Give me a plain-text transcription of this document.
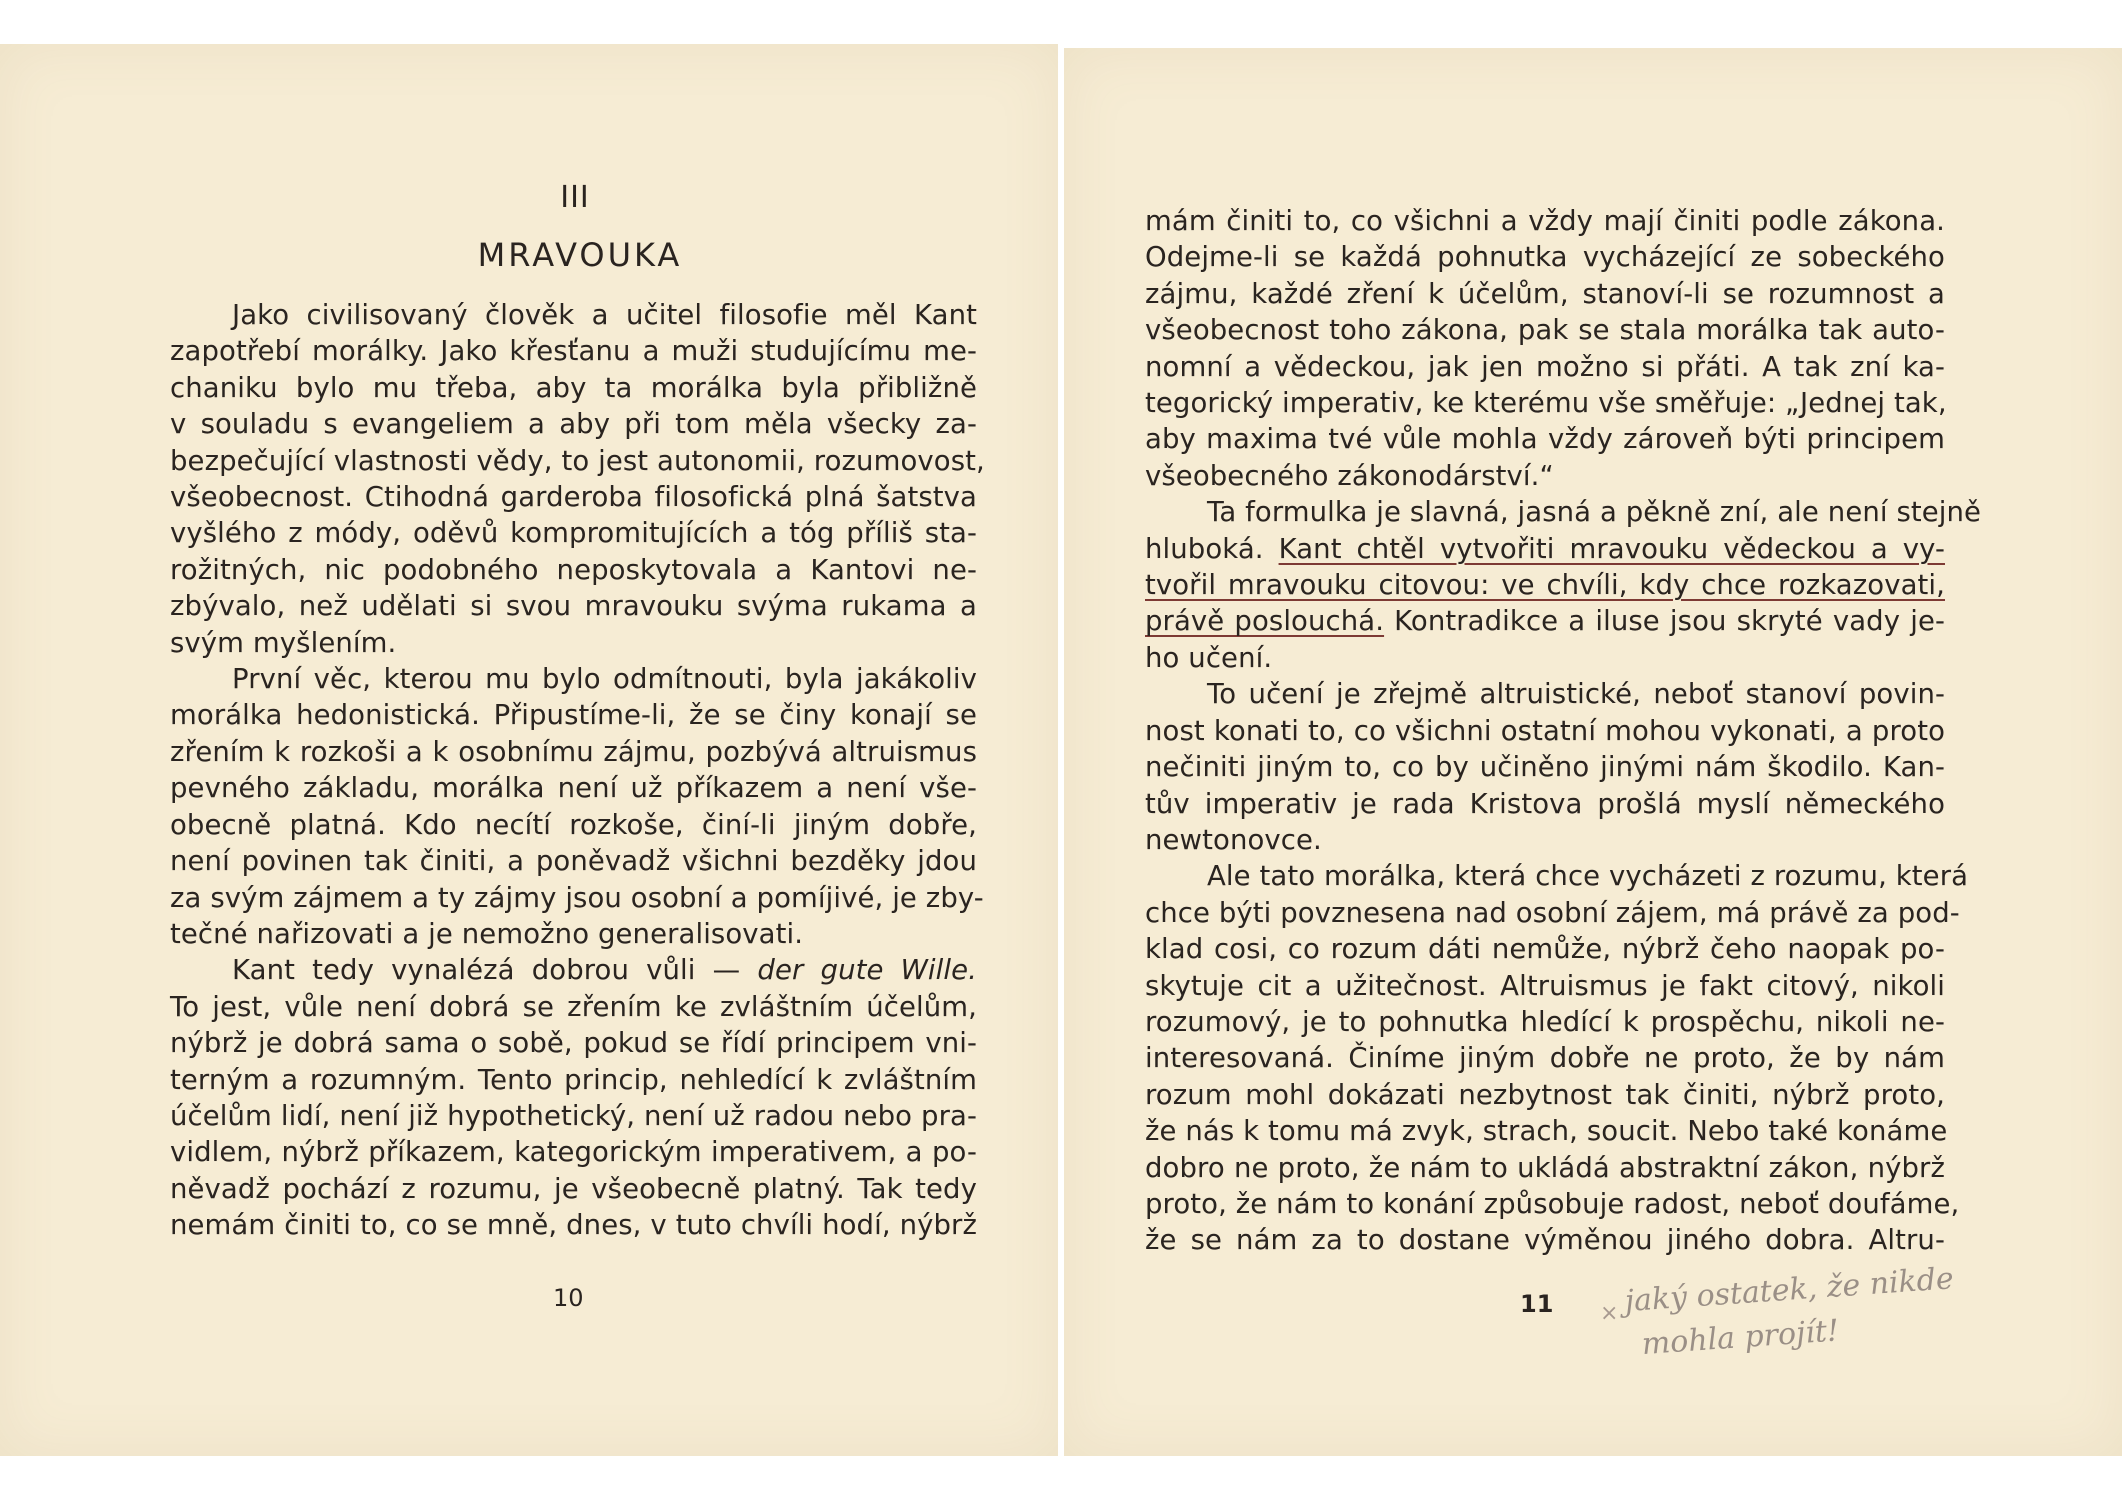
III
MRAVOUKA
Jako civilisovaný člověk a učitel filosofie měl Kant
zapotřebí morálky. Jako křesťanu a muži studujícímu me-
chaniku bylo mu třeba, aby ta morálka byla přibližně
v souladu s evangeliem a aby při tom měla všecky za-
bezpečující vlastnosti vědy, to jest autonomii, rozumovost,
všeobecnost. Ctihodná garderoba filosofická plná šatstva
vyšlého z módy, oděvů kompromitujících a tóg příliš sta-
rožitných, nic podobného neposkytovala a Kantovi ne-
zbývalo, než udělati si svou mravouku svýma rukama a
svým myšlením.
První věc, kterou mu bylo odmítnouti, byla jakákoliv
morálka hedonistická. Připustíme-li, že se činy konají se
zřením k rozkoši a k osobnímu zájmu, pozbývá altruismus
pevného základu, morálka není už příkazem a není vše-
obecně platná. Kdo necítí rozkoše, činí-li jiným dobře,
není povinen tak činiti, a poněvadž všichni bezděky jdou
za svým zájmem a ty zájmy jsou osobní a pomíjivé, je zby-
tečné nařizovati a je nemožno generalisovati.
Kant tedy vynalézá dobrou vůli — der gute Wille.
To jest, vůle není dobrá se zřením ke zvláštním účelům,
nýbrž je dobrá sama o sobě, pokud se řídí principem vni-
terným a rozumným. Tento princip, nehledící k zvláštním
účelům lidí, není již hypothetický, není už radou nebo pra-
vidlem, nýbrž příkazem, kategorickým imperativem, a po-
něvadž pochází z rozumu, je všeobecně platný. Tak tedy
nemám činiti to, co se mně, dnes, v tuto chvíli hodí, nýbrž
10
mám činiti to, co všichni a vždy mají činiti podle zákona.
Odejme-li se každá pohnutka vycházející ze sobeckého
zájmu, každé zření k účelům, stanoví-li se rozumnost a
všeobecnost toho zákona, pak se stala morálka tak auto-
nomní a vědeckou, jak jen možno si přáti. A tak zní ka-
tegorický imperativ, ke kterému vše směřuje: „Jednej tak,
aby maxima tvé vůle mohla vždy zároveň býti principem
všeobecného zákonodárství.“
Ta formulka je slavná, jasná a pěkně zní, ale není stejně
hluboká. Kant chtěl vytvořiti mravouku vědeckou a vy-
tvořil mravouku citovou: ve chvíli, kdy chce rozkazovati,
právě poslouchá. Kontradikce a iluse jsou skryté vady je-
ho učení.
To učení je zřejmě altruistické, neboť stanoví povin-
nost konati to, co všichni ostatní mohou vykonati, a proto
nečiniti jiným to, co by učiněno jinými nám škodilo. Kan-
tův imperativ je rada Kristova prošlá myslí německého
newtonovce.
Ale tato morálka, která chce vycházeti z rozumu, která
chce býti povznesena nad osobní zájem, má právě za pod-
klad cosi, co rozum dáti nemůže, nýbrž čeho naopak po-
skytuje cit a užitečnost. Altruismus je fakt citový, nikoli
rozumový, je to pohnutka hledící k prospěchu, nikoli ne-
interesovaná. Činíme jiným dobře ne proto, že by nám
rozum mohl dokázati nezbytnost tak činiti, nýbrž proto,
že nás k tomu má zvyk, strach, soucit. Nebo také konáme
dobro ne proto, že nám to ukládá abstraktní zákon, nýbrž
proto, že nám to konání způsobuje radost, neboť doufáme,
že se nám za to dostane výměnou jiného dobra. Altru-
11 × jaký ostatek, že nikde
mohla projít!
